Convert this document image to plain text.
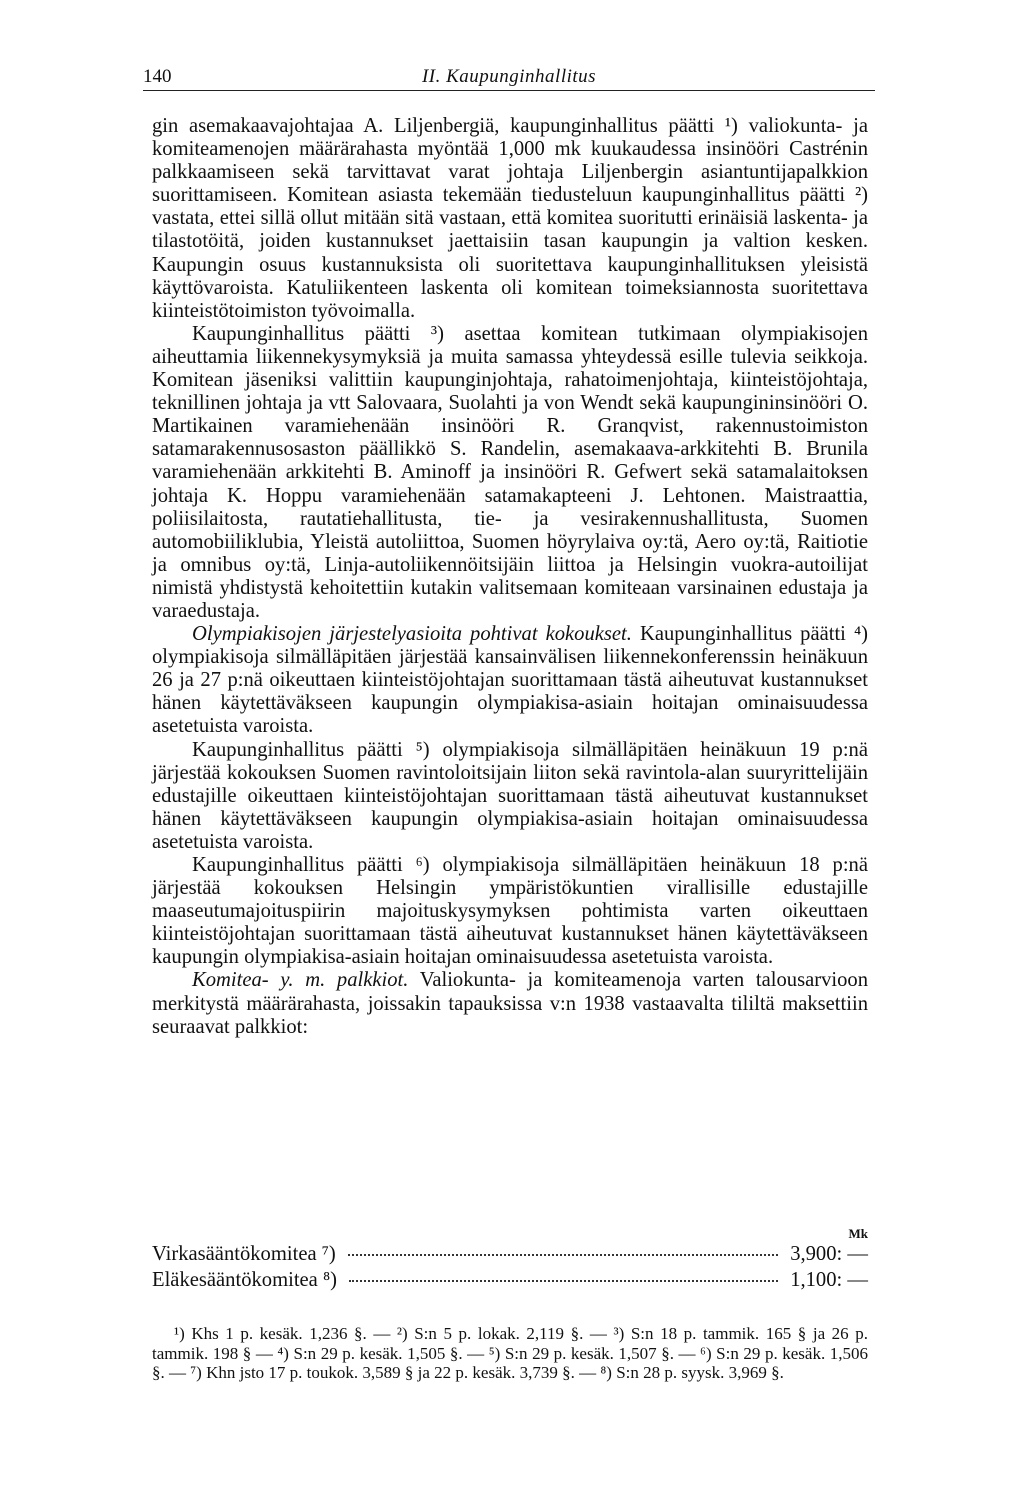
140	II. Kaupunginhallitus

gin asemakaavajohtajaa A. Liljenbergiä, kaupunginhallitus päätti ¹) valiokunta- ja komiteamenojen määrärahasta myöntää 1,000 mk kuukaudessa insinööri Castrénin palkkaamiseen sekä tarvittavat varat johtaja Liljenbergin asiantuntijapalkkion suorittamiseen. Komitean asiasta tekemään tiedusteluun kaupunginhallitus päätti ²) vastata, ettei sillä ollut mitään sitä vastaan, että komitea suoritutti erinäisiä laskenta- ja tilastotöitä, joiden kustannukset jaettaisiin tasan kaupungin ja valtion kesken. Kaupungin osuus kustannuksista oli suoritettava kaupunginhallituksen yleisistä käyttövaroista. Katuliikenteen laskenta oli komitean toimeksiannosta suoritettava kiinteistötoimiston työvoimalla.

Kaupunginhallitus päätti ³) asettaa komitean tutkimaan olympiakisojen aiheuttamia liikennekysymyksiä ja muita samassa yhteydessä esille tulevia seikkoja. Komitean jäseniksi valittiin kaupunginjohtaja, rahatoimenjohtaja, kiinteistöjohtaja, teknillinen johtaja ja vtt Salovaara, Suolahti ja von Wendt sekä kaupungininsinööri O. Martikainen varamiehenään insinööri R. Granqvist, rakennustoimiston satamarakennusosaston päällikkö S. Randelin, asemakaava-arkkitehti B. Brunila varamiehenään arkkitehti B. Aminoff ja insinööri R. Gefwert sekä satamalaitoksen johtaja K. Hoppu varamiehenään satamakapteeni J. Lehtonen. Maistraattia, poliisilaitosta, rautatiehallitusta, tie- ja vesirakennushallitusta, Suomen automobiiliklubia, Yleistä autoliittoa, Suomen höyrylaiva oy:tä, Aero oy:tä, Raitiotie ja omnibus oy:tä, Linja-autoliikennöitsijäin liittoa ja Helsingin vuokra-autoilijat nimistä yhdistystä kehoitettiin kutakin valitsemaan komiteaan varsinainen edustaja ja varaedustaja.

Olympiakisojen järjestelyasioita pohtivat kokoukset. Kaupunginhallitus päätti ⁴) olympiakisoja silmälläpitäen järjestää kansainvälisen liikennekonferenssin heinäkuun 26 ja 27 p:nä oikeuttaen kiinteistöjohtajan suorittamaan tästä aiheutuvat kustannukset hänen käytettäväkseen kaupungin olympiakisa-asiain hoitajan ominaisuudessa asetetuista varoista.

Kaupunginhallitus päätti ⁵) olympiakisoja silmälläpitäen heinäkuun 19 p:nä järjestää kokouksen Suomen ravintoloitsijain liiton sekä ravintola-alan suuryrittelijäin edustajille oikeuttaen kiinteistöjohtajan suorittamaan tästä aiheutuvat kustannukset hänen käytettäväkseen kaupungin olympiakisa-asiain hoitajan ominaisuudessa asetetuista varoista.

Kaupunginhallitus päätti ⁶) olympiakisoja silmälläpitäen heinäkuun 18 p:nä järjestää kokouksen Helsingin ympäristökuntien virallisille edustajille maaseutumajoituspiirin majoituskysymyksen pohtimista varten oikeuttaen kiinteistöjohtajan suorittamaan tästä aiheutuvat kustannukset hänen käytettäväkseen kaupungin olympiakisa-asiain hoitajan ominaisuudessa asetetuista varoista.

Komitea- y. m. palkkiot. Valiokunta- ja komiteamenoja varten talousarvioon merkitystä määrärahasta, joissakin tapauksissa v:n 1938 vastaavalta tililtä maksettiin seuraavat palkkiot:

Mk
Virkasääntökomitea ⁷)	3,900: —
Eläkesääntökomitea ⁸)	1,100: —

¹) Khs 1 p. kesäk. 1,236 §. — ²) S:n 5 p. lokak. 2,119 §. — ³) S:n 18 p. tammik. 165 § ja 26 p. tammik. 198 § — ⁴) S:n 29 p. kesäk. 1,505 §. — ⁵) S:n 29 p. kesäk. 1,507 §. — ⁶) S:n 29 p. kesäk. 1,506 §. — ⁷) Khn jsto 17 p. toukok. 3,589 § ja 22 p. kesäk. 3,739 §. — ⁸) S:n 28 p. syysk. 3,969 §.
